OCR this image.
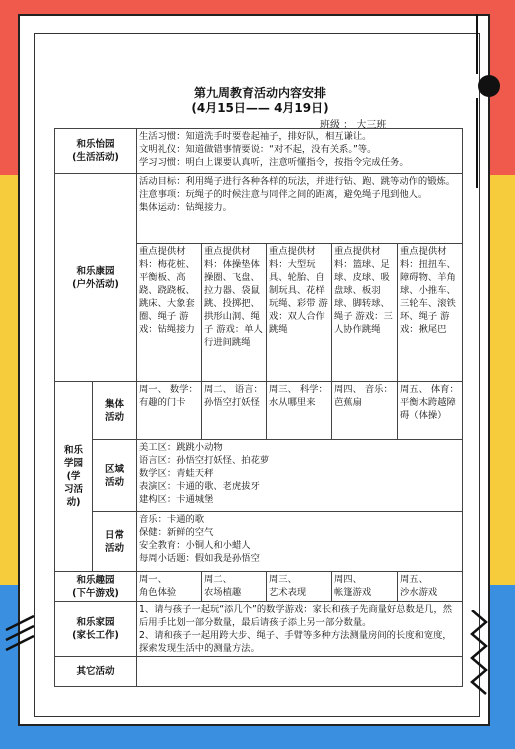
第九周教育活动内容安排
(4月15日—— 4月19日)
班级 ： 大三班
和乐怡园
(生活活动)		生活习惯：知道洗手时要卷起袖子，排好队，相互谦让。
文明礼仪：知道做错事情要说：“对不起，没有关系。”等。
学习习惯：明白上课要认真听，注意听懂指令，按指令完成任务。				

和乐康园
(户外活动)		活动目标：利用绳子进行各种各样的玩法，并进行钻、跑、跳等动作的锻炼。
注意事项：玩绳子的时候注意与同伴之间的距离，避免绳子甩到他人。
集体运动：钻绳接力。				

		重点提供材料：梅花桩、平衡板、高跷、跷跷板、跳床、大象套圈、绳子 游戏：钻绳接力	重点提供材料：体操垫体操圈、飞盘、拉力器、袋鼠跳、投掷把、拱形山洞、绳子 游戏：单人行进间跳绳	重点提供材料：大型玩具、轮胎、自制玩具、花样玩绳、彩带 游戏：双人合作跳绳	重点提供材料：篮球、足球、皮球、吸盘球、板羽球、脚转球、绳子 游戏：三人协作跳绳	重点提供材料：扭扭车、障碍物、羊角球、小推车、三轮车、滚铁环、绳子 游戏：揪尾巴

和乐
学园
(学
习活
动)	集体
活动	周一、 数学：有趣的门卡	周二、 语言：孙悟空打妖怪	周三、 科学：水从哪里来	周四、 音乐：芭蕉扇	周五、 体育：平衡木跨越障碍（体操）

	区域
活动	美工区：跳跳小动物
语言区：孙悟空打妖怪、拍花萝
数学区：青蛙天秤
表演区：卡通的歌、老虎拔牙
建构区：卡通城堡				

	日常
活动	音乐：卡通的歌
保健：新鲜的空气
安全教育：小铜人和小蜡人
每周小话题：假如我是孙悟空				

和乐趣园
(下午游戏)		周一、
角色体验	周二、
农场植趣	周三、
艺术表现	周四、
帐篷游戏	周五、
沙水游戏

和乐家园
(家长工作)		1、请与孩子一起玩“添几个”的数学游戏：家长和孩子先商量好总数是几，然后用手比划一部分数量，最后请孩子添上另一部分数量。
2、请和孩子一起用跨大步、绳子、手臂等多种方法测量房间的长度和宽度，探索发现生活中的测量方法。				

其它活动						
